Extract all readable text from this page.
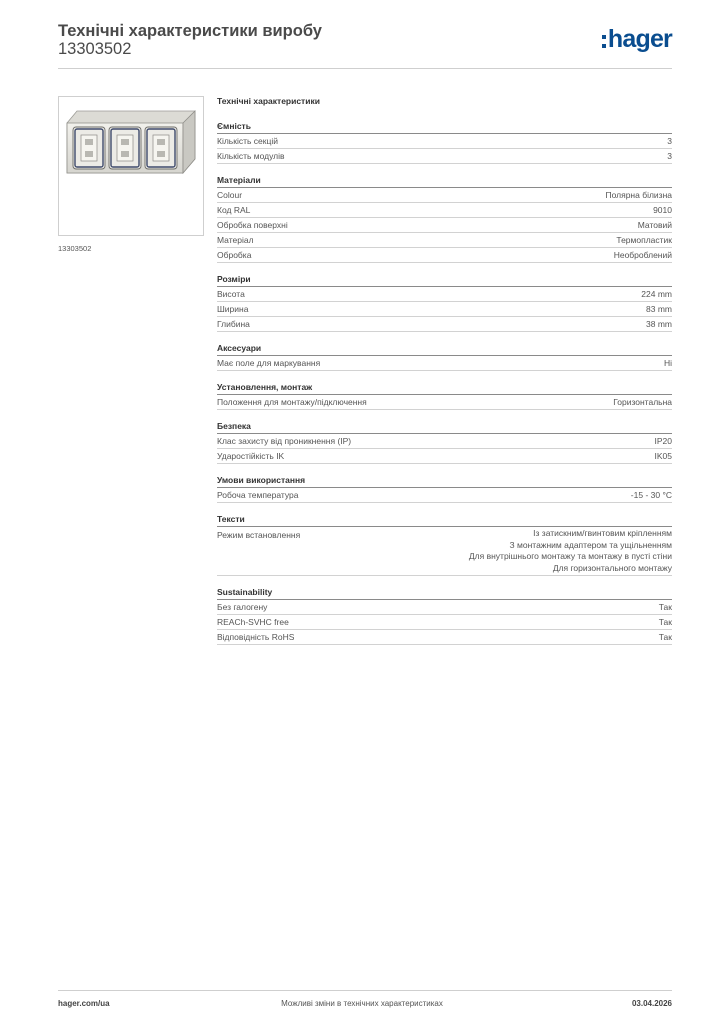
Технічні характеристики виробу
13303502	hager
13303502
Технічні характеристики
Ємність
Кількість секцій	3
Кількість модулів	3
Матеріали
Colour	Полярна білизна
Код RAL	9010
Обробка поверхні	Матовий
Матеріал	Термопластик
Обробка	Необроблений
Розміри
Висота	224 mm
Ширина	83 mm
Глибина	38 mm
Аксесуари
Має поле для маркування	Ні
Установлення, монтаж
Положення для монтажу/підключення	Горизонтальна
Безпека
Клас захисту від проникнення (IP)	IP20
Ударостійкість IK	IK05
Умови використання
Робоча температура	-15 - 30 °C
Тексти
Режим встановлення	Із затискним/гвинтовим кріпленням
З монтажним адаптером та ущільненням
Для внутрішнього монтажу та монтажу в пусті стіни
Для горизонтального монтажу
Sustainability
Без галогену	Так
REACh-SVHC free	Так
Відповідність RoHS	Так
hager.com/ua	Можливі зміни в технічних характеристиках	03.04.2026
